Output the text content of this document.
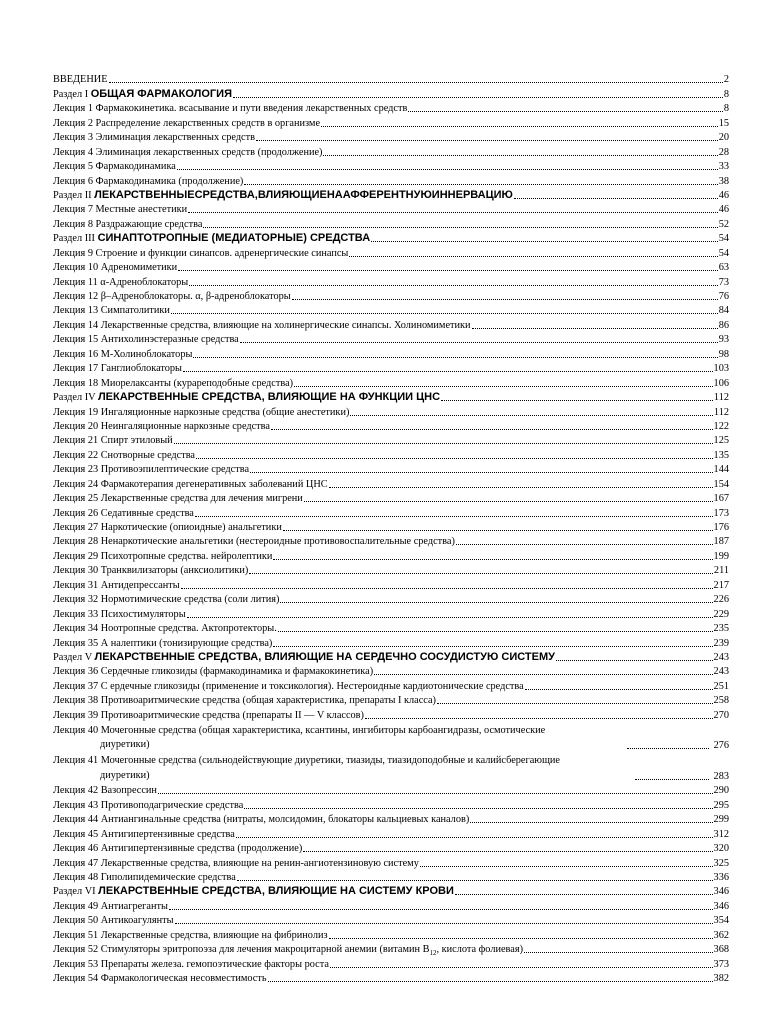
ВВЕДЕНИЕ	2
Раздел I ОБЩАЯ ФАРМАКОЛОГИЯ	8
Лекция 1 Фармакокинетика. всасывание и пути введения лекарственных средств	8
Лекция 2 Распределение лекарственных средств в организме	15
Лекция 3 Элиминация лекарственных средств	20
Лекция 4 Элиминация лекарственных средств (продолжение)	28
Лекция 5 Фармакодинамика	33
Лекция 6 Фармакодинамика (продолжение)	38
Раздел II ЛЕКАРСТВЕННЫЕСРЕДСТВА,ВЛИЯЮЩИЕНААФФЕРЕНТНУЮИННЕРВАЦИЮ	46
Лекция 7 Местные анестетики	46
Лекция 8 Раздражающие средства	52
Раздел III СИНАПТОТРОПНЫЕ (МЕДИАТОРНЫЕ) СРЕДСТВА	54
Лекция 9 Строение и функции синапсов. адренергические синапсы	54
Лекция 10 Адреномиметики	63
Лекция 11 α-Адреноблокаторы	73
Лекция 12 β–Адреноблокаторы. α, β-адреноблокаторы	76
Лекция 13 Симпатолитики	84
Лекция 14 Лекарственные средства, влияющие на холинергические синапсы. Холиномиметики	86
Лекция 15 Антихолинэстеразные средства	93
Лекция 16 М-Холиноблокаторы	98
Лекция 17 Ганглиоблокаторы	103
Лекция 18 Миорелаксанты (курареподобные средства)	106
Раздел IV ЛЕКАРСТВЕННЫЕ СРЕДСТВА, ВЛИЯЮЩИЕ НА ФУНКЦИИ ЦНС	112
Лекция 19 Ингаляционные наркозные средства (общие анестетики)	112
Лекция 20 Неингаляционные наркозные средства	122
Лекция 21 Спирт этиловый	125
Лекция 22 Снотворные средства	135
Лекция 23 Противоэпилептические средства	144
Лекция 24 Фармакотерапия дегенеративных заболеваний ЦНС	154
Лекция 25 Лекарственные средства для лечения мигрени	167
Лекция 26 Седативные средства	173
Лекция 27 Наркотические (опиоидные) анальгетики	176
Лекция 28 Ненаркотические анальгетики (нестероидные противовоспалительные средства)	187
Лекция 29 Психотропные средства. нейролептики	199
Лекция 30 Транквилизаторы (анксиолитики)	211
Лекция 31 Антидепрессанты	217
Лекция 32 Нормотимические средства (соли лития)	226
Лекция 33 Психостимуляторы	229
Лекция 34 Ноотропные средства. Актопротекторы.	235
Лекция 35 А налептики (тонизирующие средства)	239
Раздел V ЛЕКАРСТВЕННЫЕ СРЕДСТВА, ВЛИЯЮЩИЕ НА СЕРДЕЧНО СОСУДИСТУЮ СИСТЕМУ	243
Лекция 36 Сердечные гликозиды (фармакодинамика и фармакокинетика)	243
Лекция 37 С ердечные гликозиды (применение и токсикология). Нестероидные кардиотонические средства	251
Лекция 38 Противоаритмические средства (общая характеристика, препараты I класса)	258
Лекция 39 Противоаритмические средства (препараты II — V классов)	270
Лекция 40 Мочегонные средства (общая характеристика, ксантины, ингибиторы карбоангидразы, осмотические
диуретики)	276
Лекция 41 Мочегонные средства (сильнодействующие диуретики, тиазиды, тиазидоподобные и калийсберегающие
диуретики)	283
Лекция 42 Вазопрессин	290
Лекция 43 Противоподагрические средства	295
Лекция 44 Антиангинальные средства (нитраты, молсидомин, блокаторы кальциевых каналов)	299
Лекция 45 Антигипертензивные средства	312
Лекция 46 Антигипертензивные средства (продолжение)	320
Лекция 47 Лекарственные средства, влияющие на ренин-ангиотензиновую систему	325
Лекция 48 Гиполипидемические средства	336
Раздел VI ЛЕКАРСТВЕННЫЕ СРЕДСТВА, ВЛИЯЮЩИЕ НА СИСТЕМУ КРОВИ	346
Лекция 49 Антиагреганты	346
Лекция 50 Антикоагулянты	354
Лекция 51 Лекарственные средства, влияющие на фибринолиз	362
Лекция 52 Стимуляторы эритропоэза для лечения макроцитарной анемии (витамин $B_{12}$, кислота фолиевая)	368
Лекция 53 Препараты железа. гемопоэтические факторы роста	373
Лекция 54 Фармакологическая несовместимость	382
